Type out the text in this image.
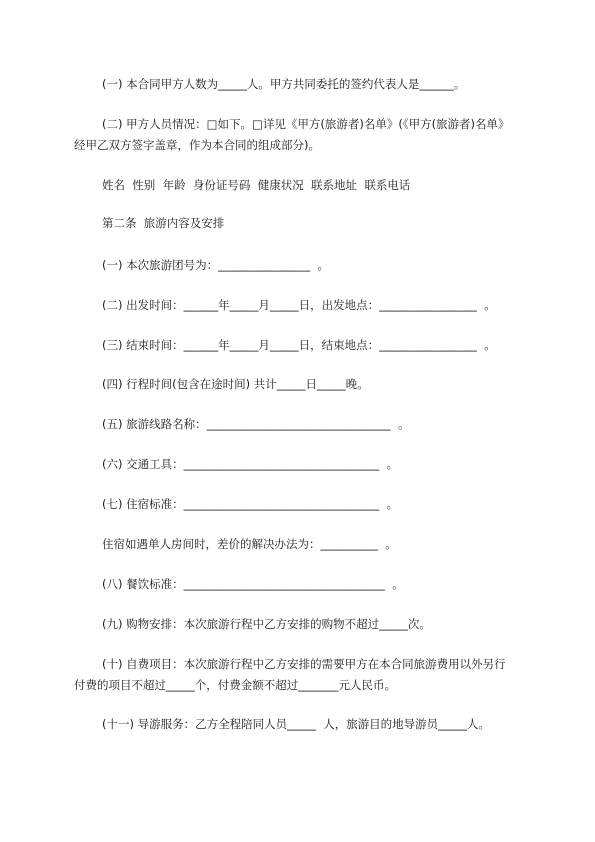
(一) 本合同甲方人数为_____人。甲方共同委托的签约代表人是______。
(二) 甲方人员情况：□如下。□详见《甲方(旅游者)名单》(《甲方(旅游者)名单》
经甲乙双方签字盖章，作为本合同的组成部分)。
姓名  性别  年龄  身份证号码  健康状况  联系地址  联系电话
第二条  旅游内容及安排
(一) 本次旅游团号为：________________  。
(二) 出发时间：______年_____月_____日，出发地点：_________________  。
(三) 结束时间：______年_____月_____日，结束地点：_________________  。
(四) 行程时间(包含在途时间) 共计_____日_____晚。
(五) 旅游线路名称：________________________________  。
(六) 交通工具：__________________________________  。
(七) 住宿标准：__________________________________  。
住宿如遇单人房间时，差价的解决办法为：__________  。
(八) 餐饮标准：___________________________________  。
(九) 购物安排：本次旅游行程中乙方安排的购物不超过_____次。
(十) 自费项目：本次旅游行程中乙方安排的需要甲方在本合同旅游费用以外另行
付费的项目不超过_____个，付费金额不超过_______元人民币。
(十一) 导游服务：乙方全程陪同人员_____  人，旅游目的地导游员_____人。
